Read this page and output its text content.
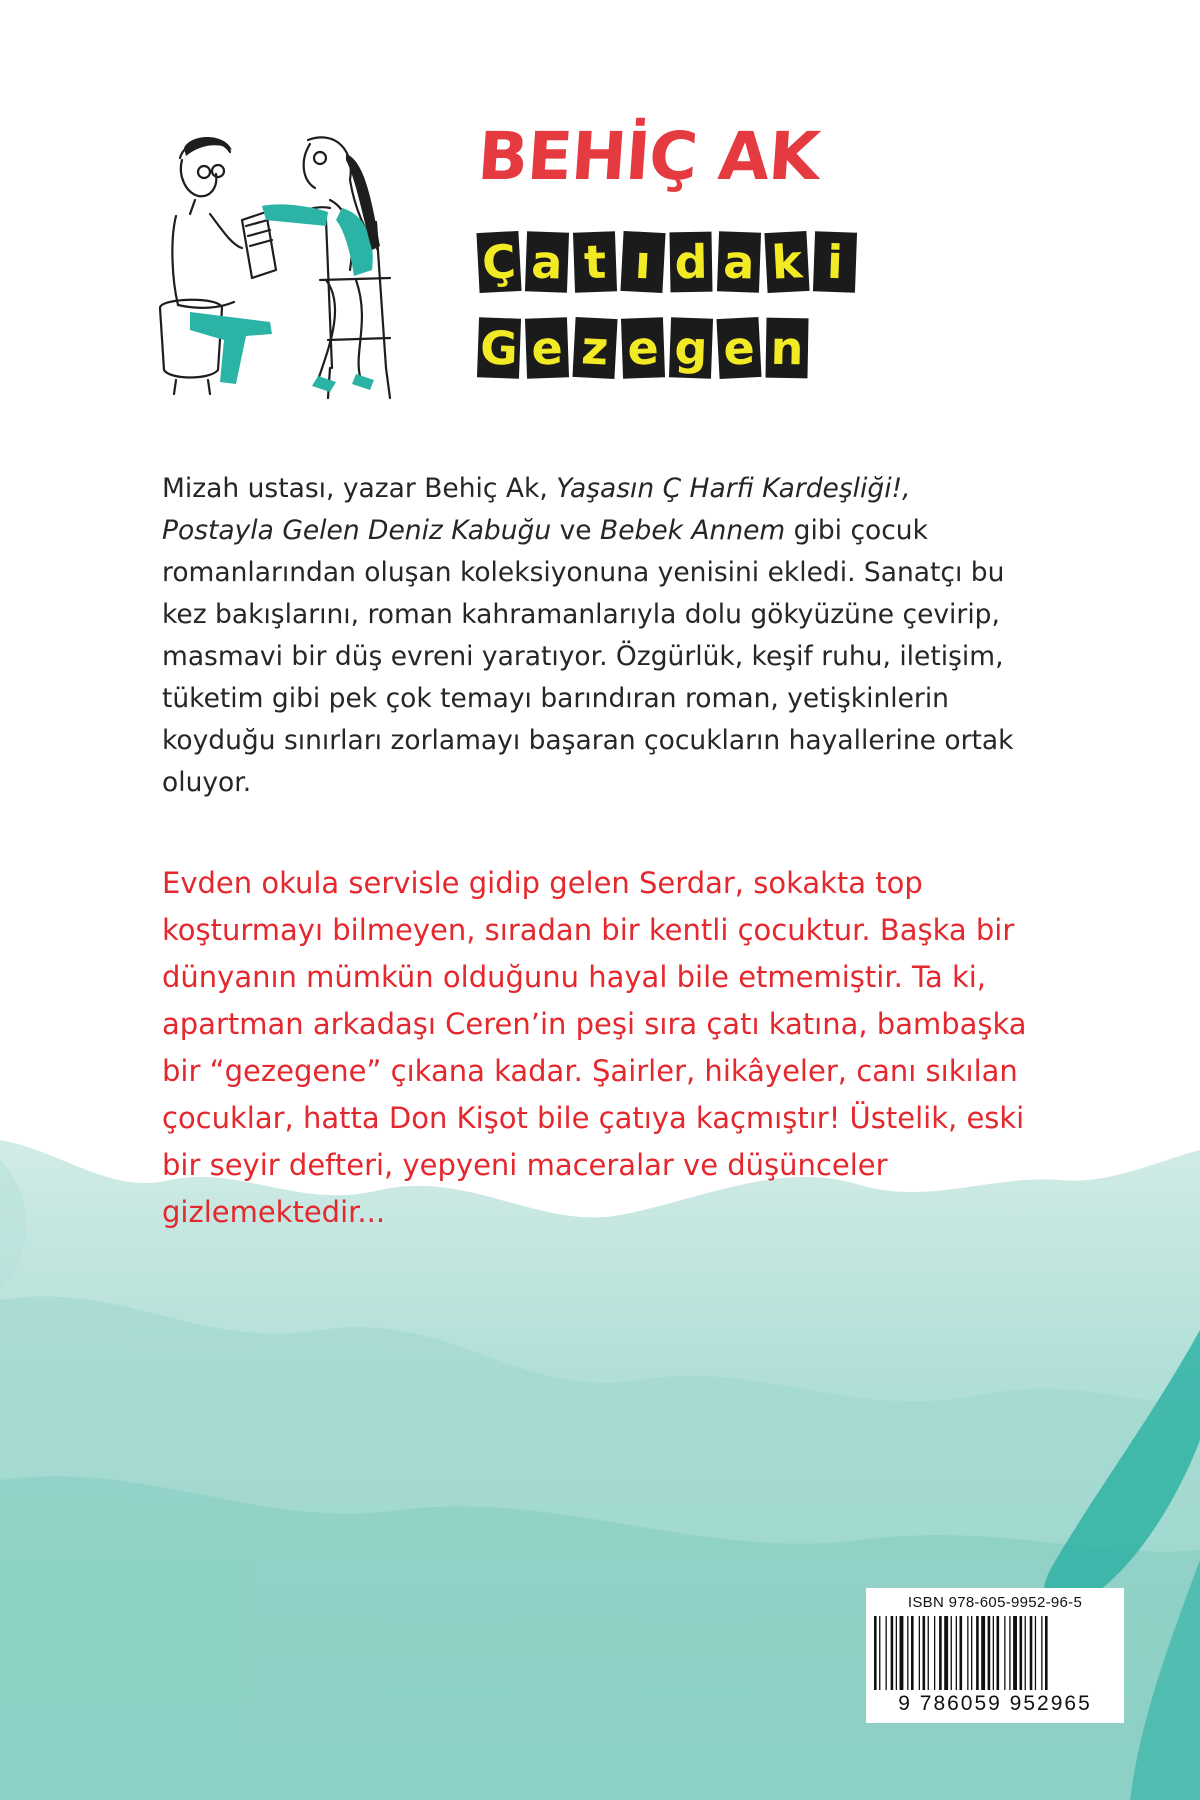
BEHİÇ AK
Ç a t ı d a k i
G e z e g e n

Mizah ustası, yazar Behiç Ak, Yaşasın Ç Harfi Kardeşliği!,
Postayla Gelen Deniz Kabuğu ve Bebek Annem gibi çocuk romanlarından oluşan koleksiyonuna yenisini ekledi. Sanatçı bu kez bakışlarını, roman kahramanlarıyla dolu gökyüzüne çevirip, masmavi bir düş evreni yaratıyor. Özgürlük, keşif ruhu, iletişim, tüketim gibi pek çok temayı barındıran roman, yetişkinlerin koyduğu sınırları zorlamayı başaran çocukların hayallerine ortak oluyor.

Evden okula servisle gidip gelen Serdar, sokakta top koşturmayı bilmeyen, sıradan bir kentli çocuktur. Başka bir dünyanın mümkün olduğunu hayal bile etmemiştir. Ta ki, apartman arkadaşı Ceren’in peşi sıra çatı katına, bambaşka bir “gezegene” çıkana kadar. Şairler, hikâyeler, canı sıkılan çocuklar, hatta Don Kişot bile çatıya kaçmıştır! Üstelik, eski bir seyir defteri, yepyeni maceralar ve düşünceler gizlemektedir...

ISBN 978-605-9952-96-5
9 786059 952965
